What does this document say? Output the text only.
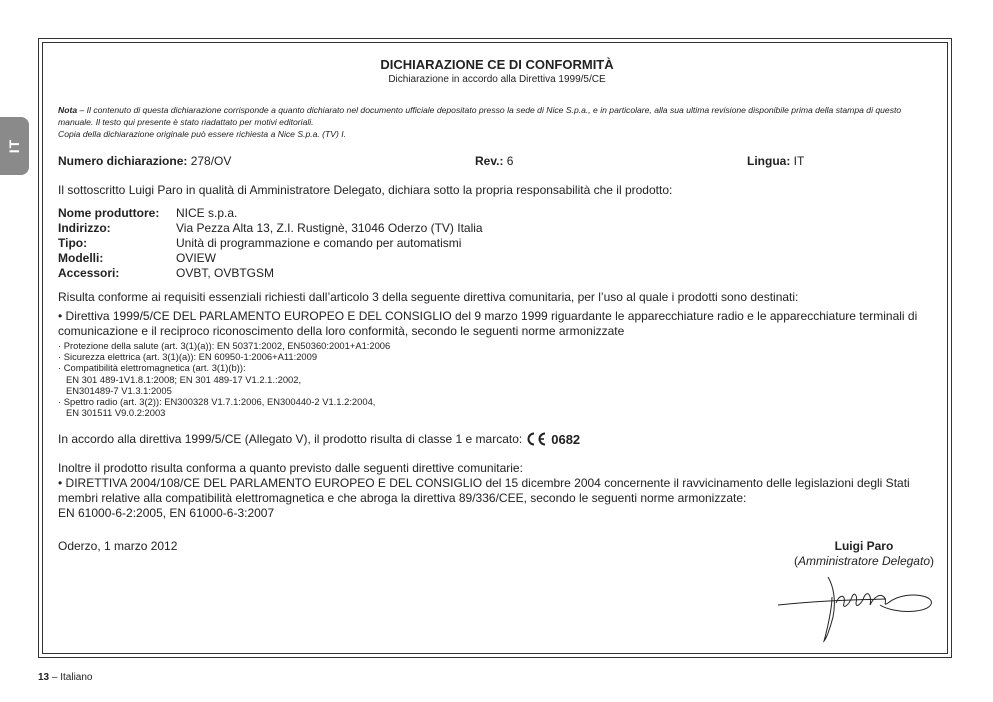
IT

DICHIARAZIONE CE DI CONFORMITÀ

Dichiarazione in accordo alla Direttiva 1999/5/CE

Nota – Il contenuto di questa dichiarazione corrisponde a quanto dichiarato nel documento ufficiale depositato presso la sede di Nice S.p.a., e in particolare, alla sua ultima revisione disponibile prima della stampa di questo manuale. Il testo qui presente è stato riadattato per motivi editoriali.
Copia della dichiarazione originale può essere richiesta a Nice S.p.a. (TV) I.
Numero dichiarazione: 278/OV	Rev.: 6	Lingua: IT

Il sottoscritto Luigi Paro in qualità di Amministratore Delegato, dichiara sotto la propria responsabilità che il prodotto:

Nome produttore:	NICE s.p.a.
Indirizzo:	Via Pezza Alta 13, Z.I. Rustignè, 31046 Oderzo (TV) Italia
Tipo:	Unità di programmazione e comando per automatismi
Modelli:	OVIEW
Accessori:	OVBT, OVBTGSM

Risulta conforme ai requisiti essenziali richiesti dall’articolo 3 della seguente direttiva comunitaria, per l’uso al quale i prodotti sono destinati:

• Direttiva 1999/5/CE DEL PARLAMENTO EUROPEO E DEL CONSIGLIO del 9 marzo 1999 riguardante le apparecchiature radio e le apparecchiature terminali di comunicazione e il reciproco riconoscimento della loro conformità, secondo le seguenti norme armonizzate

· Protezione della salute (art. 3(1)(a)): EN 50371:2002, EN50360:2001+A1:2006
· Sicurezza elettrica (art. 3(1)(a)): EN 60950-1:2006+A11:2009
· Compatibilità elettromagnetica (art. 3(1)(b)):
EN 301 489-1V1.8.1:2008; EN 301 489-17 V1.2.1.:2002,
EN301489-7 V1.3.1:2005
· Spettro radio (art. 3(2)): EN300328 V1.7.1:2006, EN300440-2 V1.1.2:2004,
EN 301511 V9.0.2:2003
In accordo alla direttiva 1999/5/CE (Allegato V), il prodotto risulta di classe 1 e marcato: 0682

Inoltre il prodotto risulta conforma a quanto previsto dalle seguenti direttive comunitarie:

• DIRETTIVA 2004/108/CE DEL PARLAMENTO EUROPEO E DEL CONSIGLIO del 15 dicembre 2004 concernente il ravvicinamento delle legislazioni degli Stati membri relative alla compatibilità elettromagnetica e che abroga la direttiva 89/336/CEE, secondo le seguenti norme armonizzate:

EN 61000-6-2:2005, EN 61000-6-3:2007

Oderzo, 1 marzo 2012	Luigi Paro
(Amministratore Delegato)
13 – Italiano
